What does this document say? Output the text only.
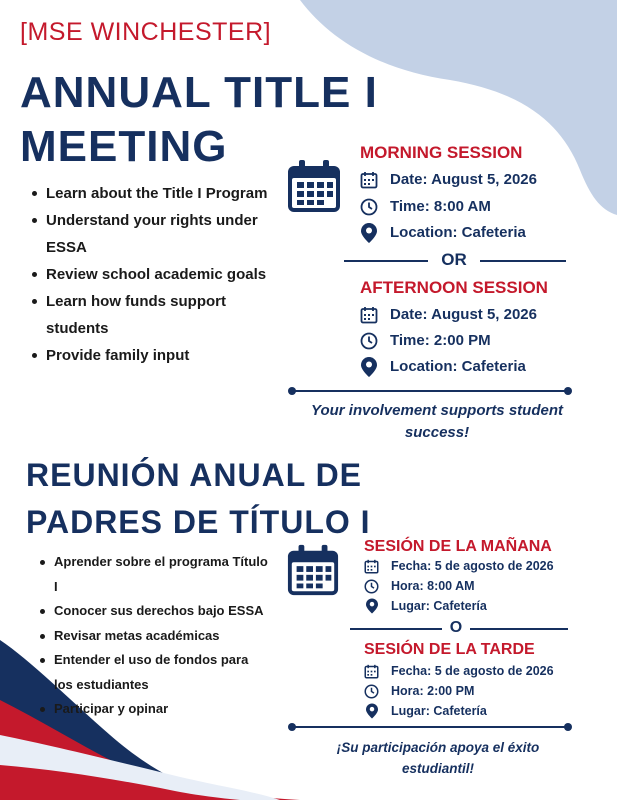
[MSE WINCHESTER]
ANNUAL TITLE I MEETING
Learn about the Title I Program
Understand your rights under ESSA
Review school academic goals
Learn how funds support students
Provide family input
MORNING SESSION
Date: August 5, 2026
Time: 8:00 AM
Location: Cafeteria
OR
AFTERNOON SESSION
Date: August 5, 2026
Time: 2:00 PM
Location: Cafeteria
Your involvement supports student success!
REUNIÓN ANUAL DE PADRES DE TÍTULO I
Aprender sobre el programa Título I
Conocer sus derechos bajo ESSA
Revisar metas académicas
Entender el uso de fondos para los estudiantes
Participar y opinar
SESIÓN DE LA MAÑANA
Fecha: 5 de agosto de 2026
Hora: 8:00 AM
Lugar: Cafetería
O
SESIÓN DE LA TARDE
Fecha: 5 de agosto de 2026
Hora: 2:00 PM
Lugar: Cafetería
¡Su participación apoya el éxito estudiantil!
